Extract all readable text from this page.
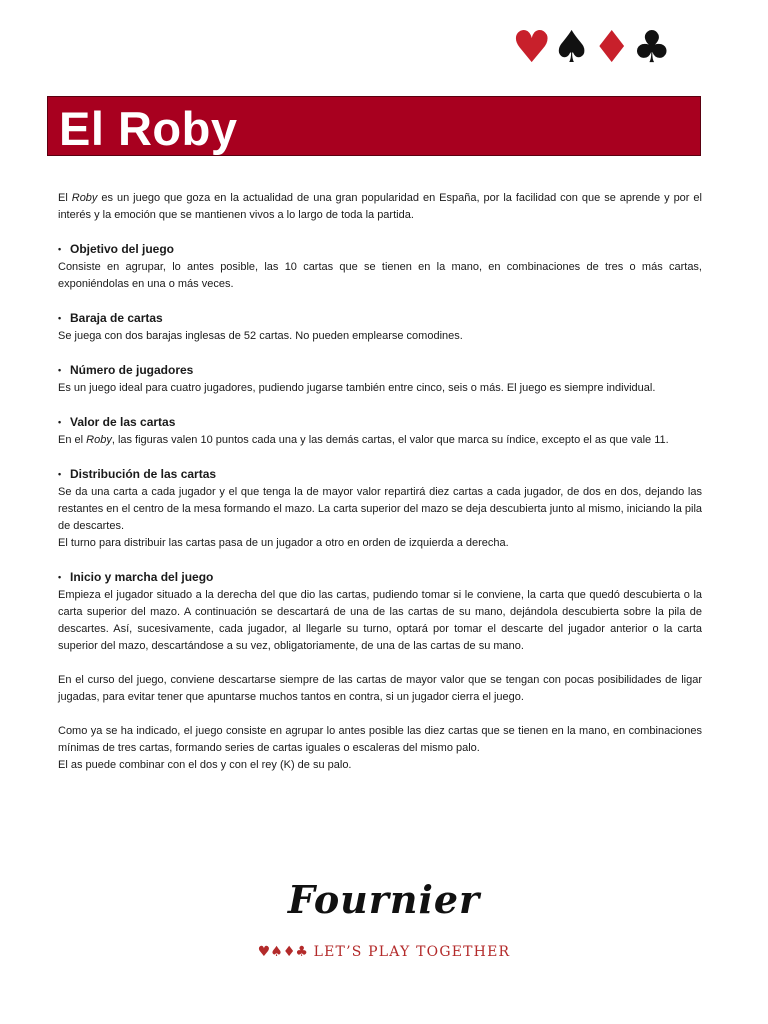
♥ ♠ ♦ ♣
El Roby

El Roby es un juego que goza en la actualidad de una gran popularidad en España, por la facilidad con que se aprende y por el interés y la emoción que se mantienen vivos a lo largo de toda la partida.

• Objetivo del juego

Consiste en agrupar, lo antes posible, las 10 cartas que se tienen en la mano, en combinaciones de tres o más cartas, exponiéndolas en una o más veces.

• Baraja de cartas

Se juega con dos barajas inglesas de 52 cartas. No pueden emplearse comodines.

• Número de jugadores

Es un juego ideal para cuatro jugadores, pudiendo jugarse también entre cinco, seis o más. El juego es siempre individual.

• Valor de las cartas

En el Roby, las figuras valen 10 puntos cada una y las demás cartas, el valor que marca su índice, excepto el as que vale 11.

• Distribución de las cartas

Se da una carta a cada jugador y el que tenga la de mayor valor repartirá diez cartas a cada jugador, de dos en dos, dejando las restantes en el centro de la mesa formando el mazo. La carta superior del mazo se deja descubierta junto al mismo, iniciando la pila de descartes.

El turno para distribuir las cartas pasa de un jugador a otro en orden de izquierda a derecha.

• Inicio y marcha del juego

Empieza el jugador situado a la derecha del que dio las cartas, pudiendo tomar si le conviene, la carta que quedó descubierta o la carta superior del mazo. A continuación se descartará de una de las cartas de su mano, dejándola descubierta sobre la pila de descartes. Así, sucesivamente, cada jugador, al llegarle su turno, optará por tomar el descarte del jugador anterior o la carta superior del mazo, descartándose a su vez, obligatoriamente, de una de las cartas de su mano.

En el curso del juego, conviene descartarse siempre de las cartas de mayor valor que se tengan con pocas posibilidades de ligar jugadas, para evitar tener que apuntarse muchos tantos en contra, si un jugador cierra el juego.

Como ya se ha indicado, el juego consiste en agrupar lo antes posible las diez cartas que se tienen en la mano, en combinaciones mínimas de tres cartas, formando series de cartas iguales o escaleras del mismo palo.

El as puede combinar con el dos y con el rey (K) de su palo.

Fournier
♥♠♦♣ LET’S PLAY TOGETHER
